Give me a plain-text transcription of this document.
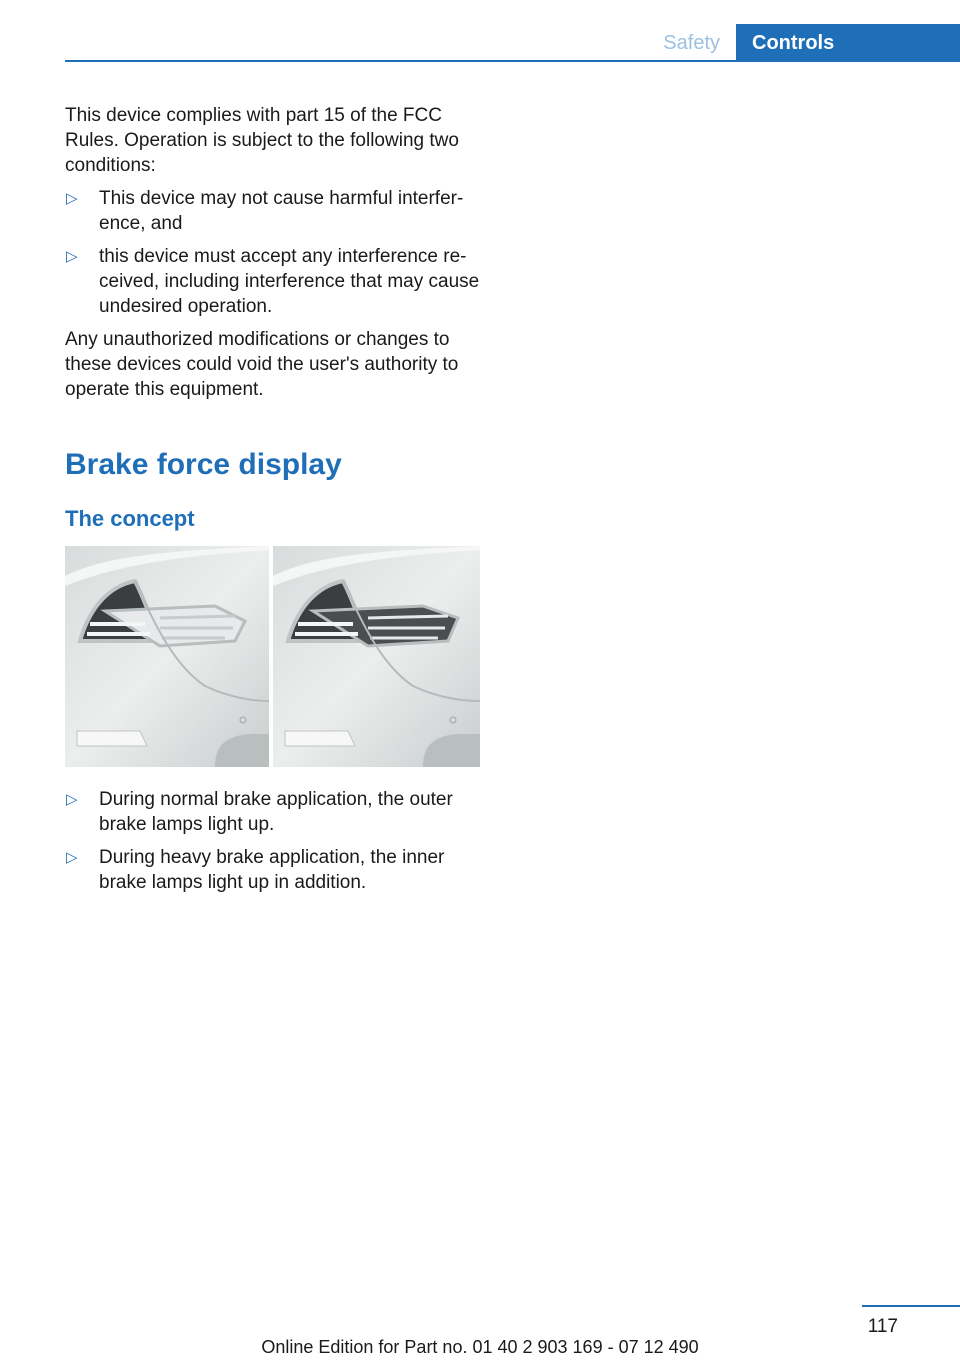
Safety	Controls

This device complies with part 15 of the FCC Rules. Operation is subject to the following two conditions:

▷ This device may not cause harmful interfer‐ ence, and
▷ this device must accept any interference re‐ ceived, including interference that may cause undesired operation.

Any unauthorized modifications or changes to these devices could void the user's authority to operate this equipment.

Brake force display
The concept
▷ During normal brake application, the outer brake lamps light up.
▷ During heavy brake application, the inner brake lamps light up in addition.
117
Online Edition for Part no. 01 40 2 903 169 - 07 12 490
